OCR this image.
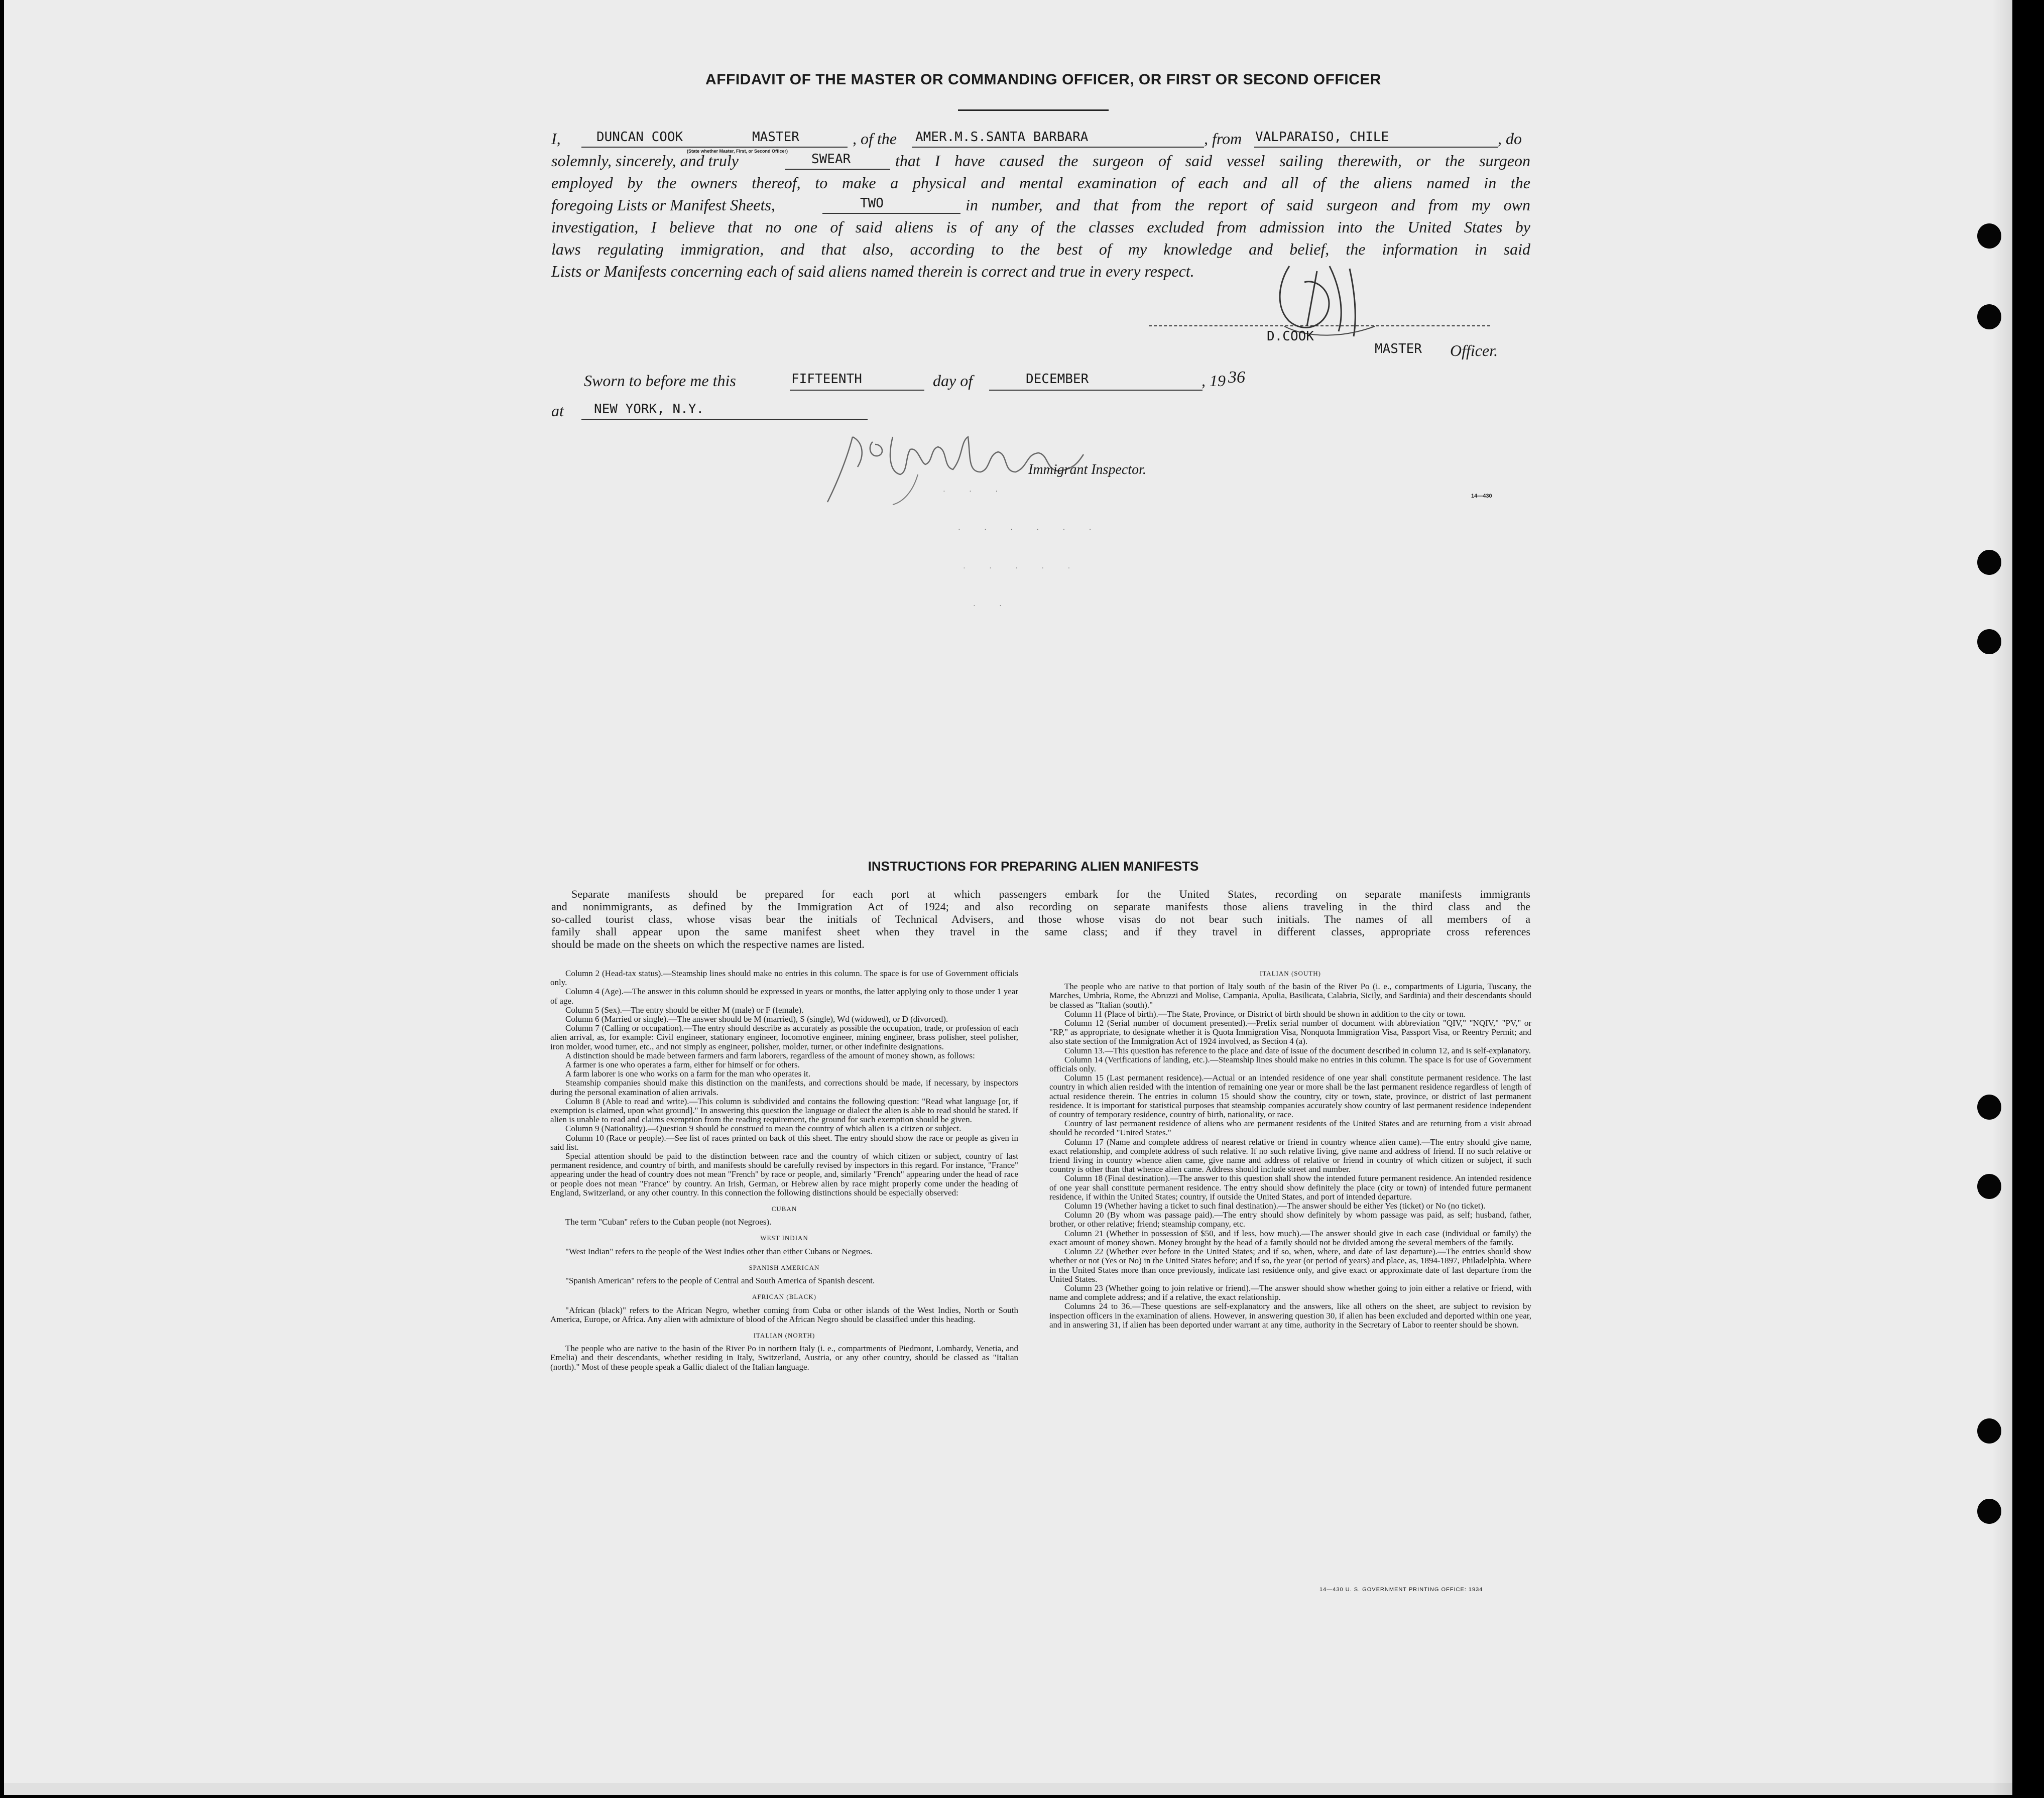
AFFIDAVIT OF THE MASTER OR COMMANDING OFFICER, OR FIRST OR SECOND OFFICER
I,	DUNCAN COOK	MASTER
(State whether Master, First, or Second Officer)
, of the AMER.M.S.SANTA BARBARA	, from VALPARAISO, CHILE	, do
solemnly, sincerely, and truly	SWEAR	that I have caused the surgeon of said vessel sailing therewith, or the surgeon
employed by the owners thereof, to make a physical and mental examination of each and all of the aliens named in the
foregoing Lists or Manifest Sheets,	TWO	in number, and that from the report of said surgeon and from my own
investigation, I believe that no one of said aliens is of any of the classes excluded from admission into the United States by
laws regulating immigration, and that also, according to the best of my knowledge and belief, the information in said
Lists or Manifests concerning each of said aliens named therein is correct and true in every respect.
D.COOK
MASTER Officer.
Sworn to before me this	FIFTEENTH	day of	DECEMBER	, 19 36
at NEW YORK, N.Y.
Immigrant Inspector.
14—430
· · ·
· · · · · ·
· · · · ·
· ·
INSTRUCTIONS FOR PREPARING ALIEN MANIFESTS
Separate manifests should be prepared for each port at which passengers embark for the United States, recording on separate manifests immigrants
and nonimmigrants, as defined by the Immigration Act of 1924; and also recording on separate manifests those aliens traveling in the third class and the
so-called tourist class, whose visas bear the initials of Technical Advisers, and those whose visas do not bear such initials. The names of all members of a
family shall appear upon the same manifest sheet when they travel in the same class; and if they travel in different classes, appropriate cross references
should be made on the sheets on which the respective names are listed.

Column 2 (Head-tax status).—Steamship lines should make no entries in this column. The space is for use of Government officials only.

Column 4 (Age).—The answer in this column should be expressed in years or months, the latter applying only to those under 1 year of age.

Column 5 (Sex).—The entry should be either M (male) or F (female).

Column 6 (Married or single).—The answer should be M (married), S (single), Wd (widowed), or D (divorced).

Column 7 (Calling or occupation).—The entry should describe as accurately as possible the occupation, trade, or profession of each alien arrival, as, for example: Civil engineer, stationary engineer, locomotive engineer, mining engineer, brass polisher, steel polisher, iron molder, wood turner, etc., and not simply as engineer, polisher, molder, turner, or other indefinite designations.

A distinction should be made between farmers and farm laborers, regardless of the amount of money shown, as follows:

A farmer is one who operates a farm, either for himself or for others.

A farm laborer is one who works on a farm for the man who operates it.

Steamship companies should make this distinction on the manifests, and corrections should be made, if necessary, by inspectors during the personal examination of alien arrivals.

Column 8 (Able to read and write).—This column is subdivided and contains the following question: "Read what language [or, if exemption is claimed, upon what ground]." In answering this question the language or dialect the alien is able to read should be stated. If alien is unable to read and claims exemption from the reading requirement, the ground for such exemption should be given.

Column 9 (Nationality).—Question 9 should be construed to mean the country of which alien is a citizen or subject.

Column 10 (Race or people).—See list of races printed on back of this sheet. The entry should show the race or people as given in said list.

Special attention should be paid to the distinction between race and the country of which citizen or subject, country of last permanent residence, and country of birth, and manifests should be carefully revised by inspectors in this regard. For instance, "France" appearing under the head of country does not mean "French" by race or people, and, similarly "French" appearing under the head of race or people does not mean "France" by country. An Irish, German, or Hebrew alien by race might properly come under the heading of England, Switzerland, or any other country. In this connection the following distinctions should be especially observed:

CUBAN

The term "Cuban" refers to the Cuban people (not Negroes).

WEST INDIAN

"West Indian" refers to the people of the West Indies other than either Cubans or Negroes.

SPANISH AMERICAN

"Spanish American" refers to the people of Central and South America of Spanish descent.

AFRICAN (BLACK)

"African (black)" refers to the African Negro, whether coming from Cuba or other islands of the West Indies, North or South America, Europe, or Africa. Any alien with admixture of blood of the African Negro should be classified under this heading.

ITALIAN (NORTH)

The people who are native to the basin of the River Po in northern Italy (i. e., compartments of Piedmont, Lombardy, Venetia, and Emelia) and their descendants, whether residing in Italy, Switzerland, Austria, or any other country, should be classed as "Italian (north)." Most of these people speak a Gallic dialect of the Italian language.

ITALIAN (SOUTH)

The people who are native to that portion of Italy south of the basin of the River Po (i. e., compartments of Liguria, Tuscany, the Marches, Umbria, Rome, the Abruzzi and Molise, Campania, Apulia, Basilicata, Calabria, Sicily, and Sardinia) and their descendants should be classed as "Italian (south)."

Column 11 (Place of birth).—The State, Province, or District of birth should be shown in addition to the city or town.

Column 12 (Serial number of document presented).—Prefix serial number of document with abbreviation "QIV," "NQIV," "PV," or "RP," as appropriate, to designate whether it is Quota Immigration Visa, Nonquota Immigration Visa, Passport Visa, or Reentry Permit; and also state section of the Immigration Act of 1924 involved, as Section 4 (a).

Column 13.—This question has reference to the place and date of issue of the document described in column 12, and is self-explanatory.

Column 14 (Verifications of landing, etc.).—Steamship lines should make no entries in this column. The space is for use of Government officials only.

Column 15 (Last permanent residence).—Actual or an intended residence of one year shall constitute permanent residence. The last country in which alien resided with the intention of remaining one year or more shall be the last permanent residence regardless of length of actual residence therein. The entries in column 15 should show the country, city or town, state, province, or district of last permanent residence. It is important for statistical purposes that steamship companies accurately show country of last permanent residence independent of country of temporary residence, country of birth, nationality, or race.

Country of last permanent residence of aliens who are permanent residents of the United States and are returning from a visit abroad should be recorded "United States."

Column 17 (Name and complete address of nearest relative or friend in country whence alien came).—The entry should give name, exact relationship, and complete address of such relative. If no such relative living, give name and address of friend. If no such relative or friend living in country whence alien came, give name and address of relative or friend in country of which citizen or subject, if such country is other than that whence alien came. Address should include street and number.

Column 18 (Final destination).—The answer to this question shall show the intended future permanent residence. An intended residence of one year shall constitute permanent residence. The entry should show definitely the place (city or town) of intended future permanent residence, if within the United States; country, if outside the United States, and port of intended departure.

Column 19 (Whether having a ticket to such final destination).—The answer should be either Yes (ticket) or No (no ticket).

Column 20 (By whom was passage paid).—The entry should show definitely by whom passage was paid, as self; husband, father, brother, or other relative; friend; steamship company, etc.

Column 21 (Whether in possession of $50, and if less, how much).—The answer should give in each case (individual or family) the exact amount of money shown. Money brought by the head of a family should not be divided among the several members of the family.

Column 22 (Whether ever before in the United States; and if so, when, where, and date of last departure).—The entries should show whether or not (Yes or No) in the United States before; and if so, the year (or period of years) and place, as, 1894-1897, Philadelphia. Where in the United States more than once previously, indicate last residence only, and give exact or approximate date of last departure from the United States.

Column 23 (Whether going to join relative or friend).—The answer should show whether going to join either a relative or friend, with name and complete address; and if a relative, the exact relationship.

Columns 24 to 36.—These questions are self-explanatory and the answers, like all others on the sheet, are subject to revision by inspection officers in the examination of aliens. However, in answering question 30, if alien has been excluded and deported within one year, and in answering 31, if alien has been deported under warrant at any time, authority in the Secretary of Labor to reenter should be shown.

14—430 U. S. GOVERNMENT PRINTING OFFICE: 1934
